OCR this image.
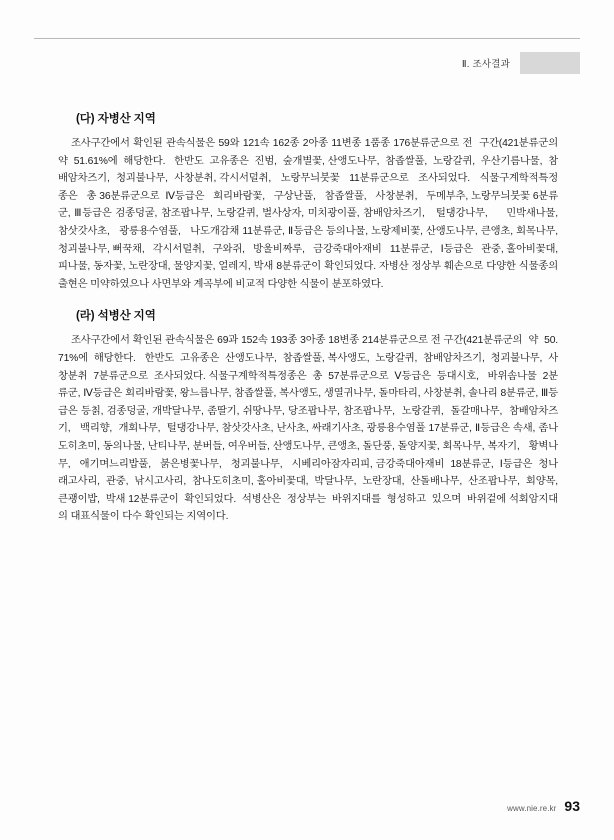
Ⅱ. 조사결과
(다) 자병산 지역

조사구간에서 확인된 관속식물은 59와 121속 162종 2아종 11변종 1품종 176분류군으로 전  구간(421분류군의  약  51.61%에  해당한다.   한반도  고유종은  진범,  숲개별꽃, 산앵도나무,  참좁쌀풀,  노랑갈퀴,  우산기름나물,  참배암차즈기,  청괴불나무,  사창분취, 각시서덜취,   노랑무늬붓꽃   11분류군으로   조사되었다.   식물구계학적특정종은   총 36분류군으로  Ⅳ등급은   회리바람꽃,   구상난풀,   참좁쌀풀,   사창분취,   두메부추, 노랑무늬붓꽃 6분류군, Ⅲ등급은 검종덩굴, 참조팝나무, 노랑갈퀴, 벌사상자, 미치광이풀, 참배암차즈기,   털댕강나무,     민박새나물,   참삿갓사초,   광릉용수염풀,   나도개감채 11분류군, Ⅱ등급은 등의나물, 노랑제비꽃, 산앵도나무, 큰앵초, 회목나무, 청괴불나무, 뻐꾹채,   각시서덜취,   구와쥐,   방울비짜루,   금강죽대아재비   11분류군,   Ⅰ등급은   관중, 홀아비꽃대, 피나물, 동자꽃, 노란장대, 물양지꽃, 얼레지, 박새 8분류군이 확인되었다. 자병산 정상부 훼손으로 다양한 식물종의 출현은 미약하였으나 사면부와 계곡부에 비교적 다양한 식물이 분포하였다.

(라) 석병산 지역

조사구간에서 확인된 관속식물은 69과 152속 193종 3아종 18변종 214분류군으로 전 구간(421분류군의  약  50.71%에  해당한다.   한반도  고유종은  산앵도나무,  참좁쌀풀, 복사앵도,  노랑갈퀴,  참배암차즈기,  청괴불나무,  사창분취  7분류군으로  조사되었다. 식물구계학적특정종은  총  57분류군으로  Ⅴ등급은  등대시호,   바위솜나물  2분류군, Ⅳ등급은 회리바람꽃, 왕느릅나무, 참좁쌀풀, 복사앵도, 생열귀나무, 돌마타리, 사창분취, 솔나리 8분류군, Ⅲ등급은 등칡, 검종덩굴, 개박달나무, 좀딸기, 쉬땅나무, 당조팝나무, 참조팝나무,  노랑갈퀴,  돌갈매나무,  참배암차즈기,   백리향,  개회나무,  털댕강나무, 참삿갓사초, 난사초, 싸래기사초, 광릉용수염풀 17분류군, Ⅱ등급은 속새, 좀나도히초미, 동의나물, 난티나무, 분버들, 여우버들, 산앵도나무, 큰앵초, 돌단풍, 돌양지꽃, 회목나무, 복자기,   황벽나무,   애기며느리밥풀,   붉은병꽃나무,   청괴불나무,   시베리아잠자리피, 금강죽대아재비  18분류군,  Ⅰ등급은  청나래고사리,  관중,  낚시고사리,  참나도히초미, 홀아비꽃대,  박달나무,  노란장대,  산돌배나무,  산조팝나무,  회양목,  큰괭이밥,  박새 12분류군이  확인되었다.  석병산은  정상부는  바위지대를  형성하고  있으며  바위겉에 석회암지대의 대표식물이 다수 확인되는 지역이다.

www.nie.re.kr 93
